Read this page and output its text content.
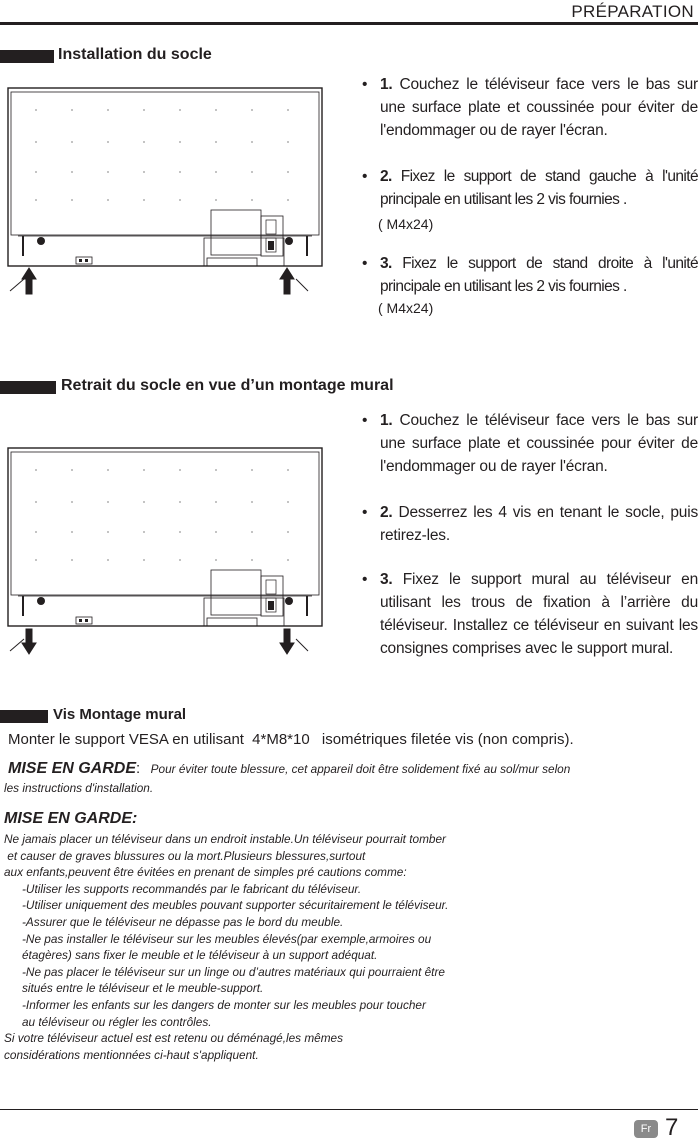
PRÉPARATION
Installation du socle
• 1. Couchez le téléviseur face vers le bas sur une surface plate et coussinée pour éviter de l'endommager ou de rayer l'écran.
• 2. Fixez le support de stand gauche à l'unité principale en utilisant les 2 vis fournies .
( M4x24)
• 3. Fixez le support de stand droite à l'unité principale en utilisant les 2 vis fournies .
( M4x24)
Retrait du socle en vue d’un montage mural
• 1. Couchez le téléviseur face vers le bas sur une surface plate et coussinée pour éviter de l'endommager ou de rayer l'écran.
• 2. Desserrez les 4 vis en tenant le socle, puis retirez-les.
• 3. Fixez le support mural au téléviseur en utilisant les trous de fixation à l’arrière du téléviseur. Installez ce téléviseur en suivant les consignes comprises avec le support mural.
Vis Montage mural
Monter le support VESA en utilisant 4*M8*10 isométriques filetée vis (non compris).
MISE EN GARDE: Pour éviter toute blessure, cet appareil doit être solidement fixé au sol/mur selon
les instructions d'installation.
MISE EN GARDE:
Ne jamais placer un téléviseur dans un endroit instable.Un téléviseur pourrait tomber
et causer de graves blussures ou la mort.Plusieurs blessures,surtout
aux enfants,peuvent être évitées en prenant de simples pré cautions comme:
-Utiliser les supports recommandés par le fabricant du téléviseur.
-Utiliser uniquement des meubles pouvant supporter sécuritairement le téléviseur.
-Assurer que le téléviseur ne dépasse pas le bord du meuble.
-Ne pas installer le téléviseur sur les meubles élevés(par exemple,armoires ou
étagères) sans fixer le meuble et le téléviseur à un support adéquat.
-Ne pas placer le téléviseur sur un linge ou d’autres matériaux qui pourraient être
situés entre le téléviseur et le meuble-support.
-Informer les enfants sur les dangers de monter sur les meubles pour toucher
au téléviseur ou régler les contrôles.
Si votre téléviseur actuel est est retenu ou déménagé,les mêmes
considérations mentionnées ci-haut s'appliquent.
Fr 7
